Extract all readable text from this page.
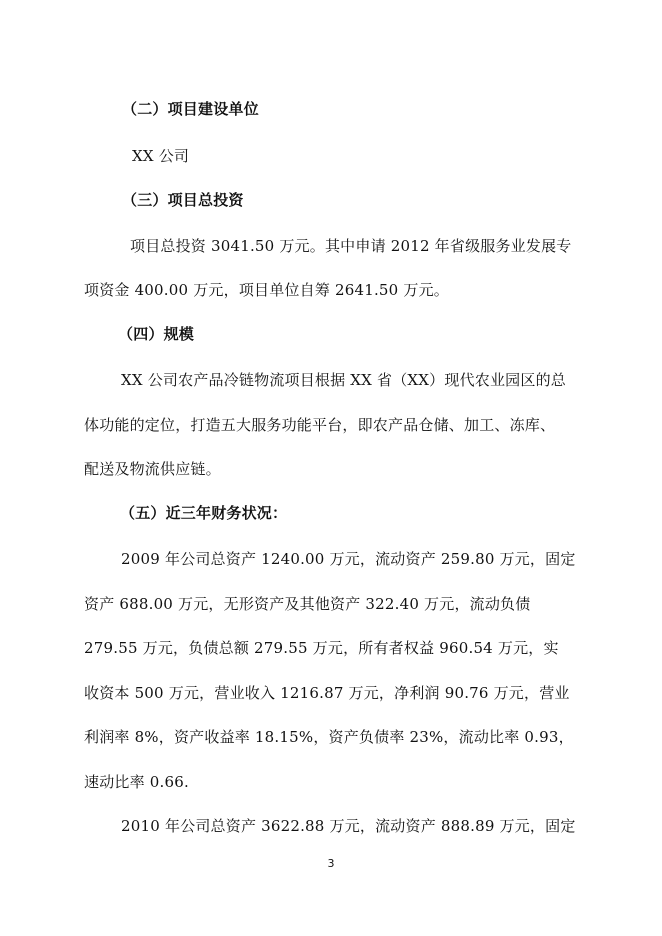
（二）项目建设单位
XX 公司
（三）项目总投资
项目总投资 3041.50 万元。其中申请 2012 年省级服务业发展专
项资金 400.00 万元，项目单位自筹 2641.50 万元。
（四）规模
XX 公司农产品冷链物流项目根据 XX 省（XX）现代农业园区的总
体功能的定位，打造五大服务功能平台，即农产品仓储、加工、冻库、
配送及物流供应链。
（五）近三年财务状况：
2009 年公司总资产 1240.00 万元，流动资产 259.80 万元，固定
资产 688.00 万元，无形资产及其他资产 322.40 万元，流动负债
279.55 万元，负债总额 279.55 万元，所有者权益 960.54 万元，实
收资本 500 万元，营业收入 1216.87 万元，净利润 90.76 万元，营业
利润率 8%，资产收益率 18.15%，资产负债率 23%，流动比率 0.93，
速动比率 0.66.
2010 年公司总资产 3622.88 万元，流动资产 888.89 万元，固定
3
